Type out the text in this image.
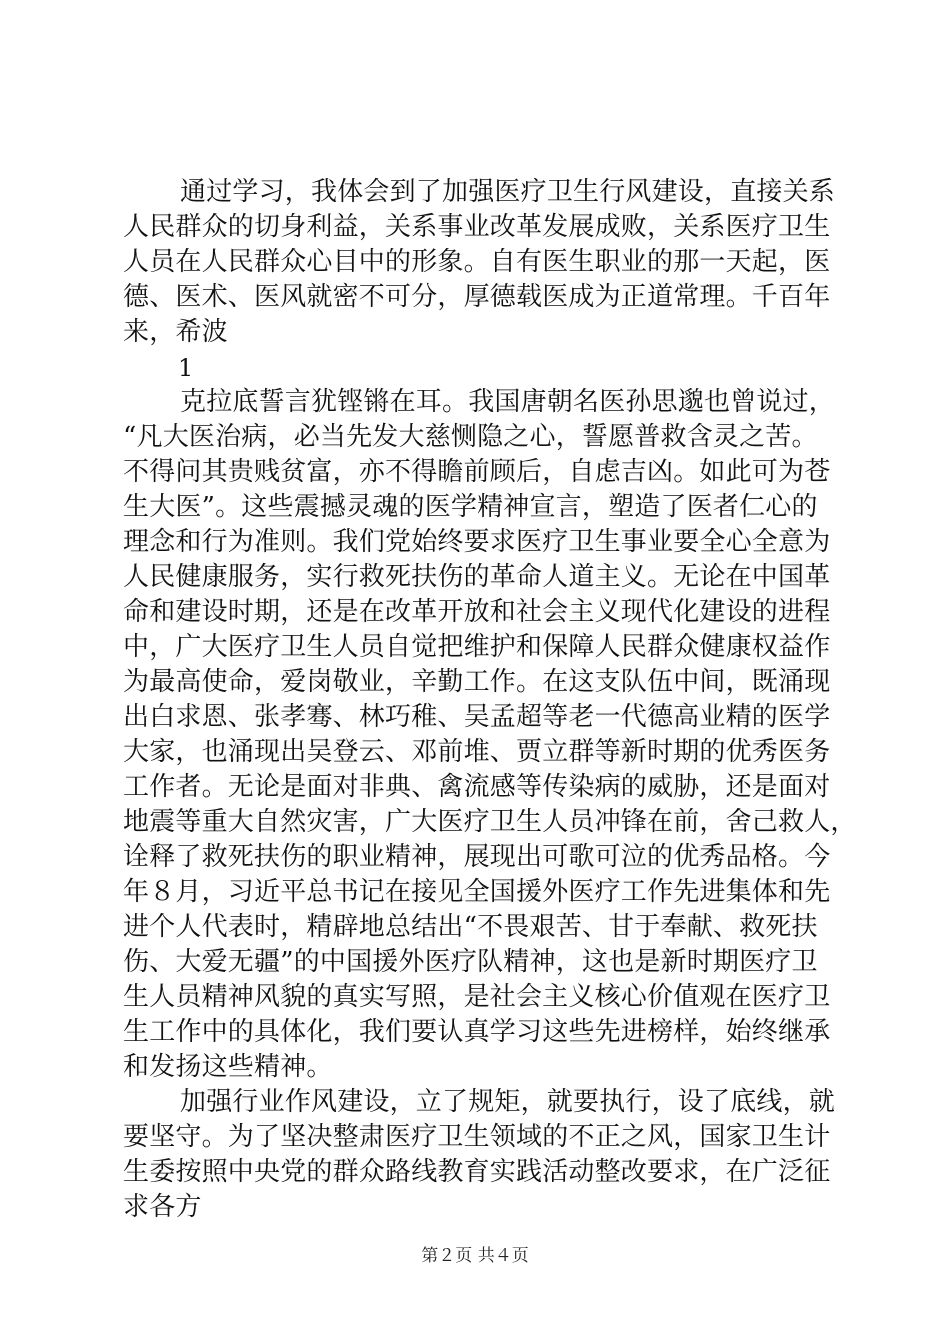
通过学习，我体会到了加强医疗卫生行风建设，直接关系
人民群众的切身利益，关系事业改革发展成败，关系医疗卫生
人员在人民群众心目中的形象。自有医生职业的那一天起，医
德、医术、医风就密不可分，厚德载医成为正道常理。千百年
来，希波
1
克拉底誓言犹铿锵在耳。我国唐朝名医孙思邈也曾说过，
“凡大医治病，必当先发大慈恻隐之心，誓愿普救含灵之苦。
不得问其贵贱贫富，亦不得瞻前顾后，自虑吉凶。如此可为苍
生大医”。这些震撼灵魂的医学精神宣言，塑造了医者仁心的
理念和行为准则。我们党始终要求医疗卫生事业要全心全意为
人民健康服务，实行救死扶伤的革命人道主义。无论在中国革
命和建设时期，还是在改革开放和社会主义现代化建设的进程
中，广大医疗卫生人员自觉把维护和保障人民群众健康权益作
为最高使命，爱岗敬业，辛勤工作。在这支队伍中间，既涌现
出白求恩、张孝骞、林巧稚、吴孟超等老一代德高业精的医学
大家，也涌现出吴登云、邓前堆、贾立群等新时期的优秀医务
工作者。无论是面对非典、禽流感等传染病的威胁，还是面对
地震等重大自然灾害，广大医疗卫生人员冲锋在前，舍己救人，
诠释了救死扶伤的职业精神，展现出可歌可泣的优秀品格。今
年８月，习近平总书记在接见全国援外医疗工作先进集体和先
进个人代表时，精辟地总结出“不畏艰苦、甘于奉献、救死扶
伤、大爱无疆”的中国援外医疗队精神，这也是新时期医疗卫
生人员精神风貌的真实写照，是社会主义核心价值观在医疗卫
生工作中的具体化，我们要认真学习这些先进榜样，始终继承
和发扬这些精神。
加强行业作风建设，立了规矩，就要执行，设了底线，就
要坚守。为了坚决整肃医疗卫生领域的不正之风，国家卫生计
生委按照中央党的群众路线教育实践活动整改要求，在广泛征
求各方
第２页 共４页
